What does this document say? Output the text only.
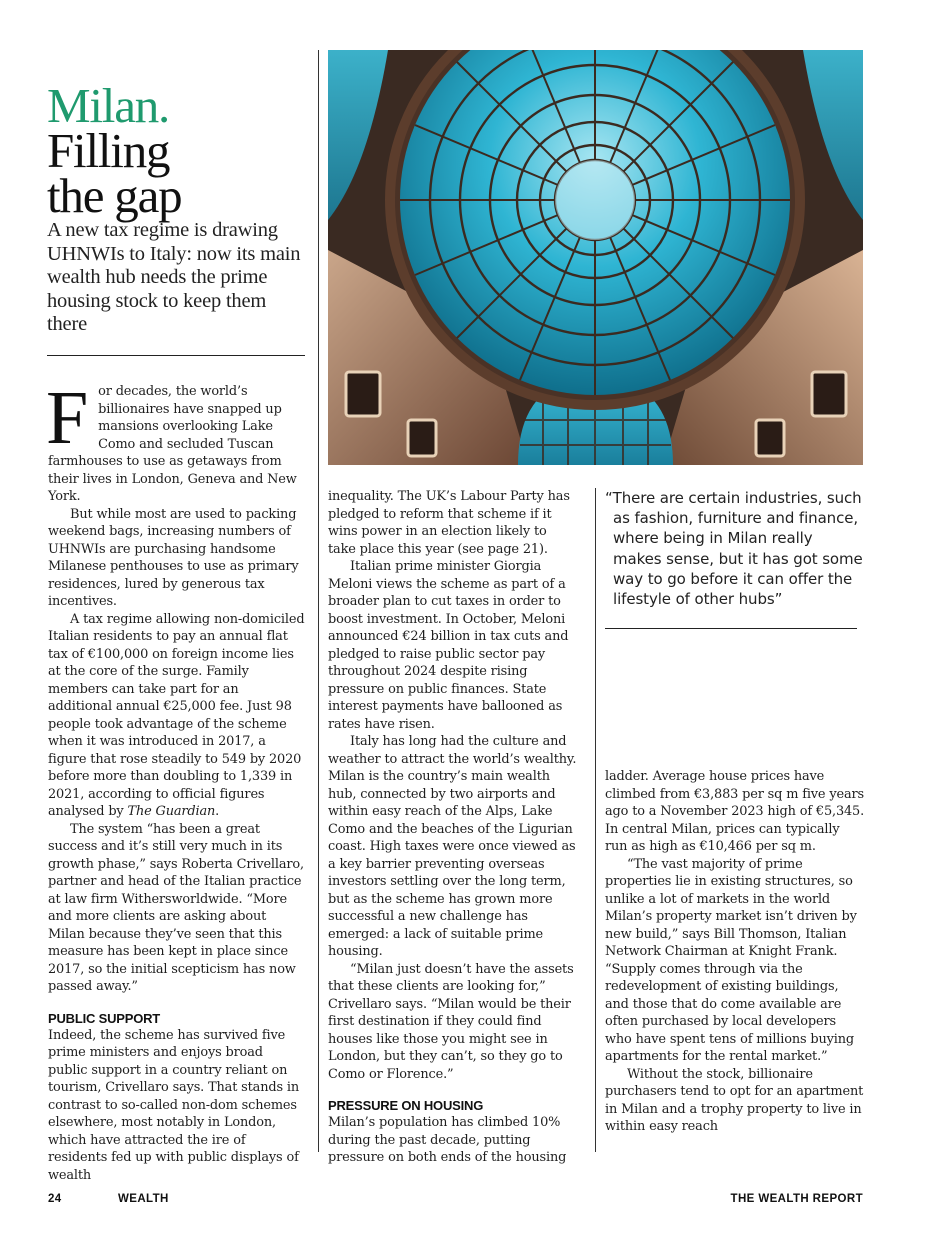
Milan.
Filling
the gap
A new tax regime is drawing UHNWIs to Italy: now its main wealth hub needs the prime housing stock to keep them there

For decades, the world’s billionaires have snapped up mansions overlooking Lake Como and secluded Tuscan farmhouses to use as getaways from their lives in London, Geneva and New York.

But while most are used to packing weekend bags, increasing numbers of UHNWIs are purchasing handsome Milanese penthouses to use as primary residences, lured by generous tax incentives.

A tax regime allowing non-domiciled Italian residents to pay an annual flat tax of €100,000 on foreign income lies at the core of the surge. Family members can take part for an additional annual €25,000 fee. Just 98 people took advantage of the scheme when it was introduced in 2017, a figure that rose steadily to 549 by 2020 before more than doubling to 1,339 in 2021, according to official figures analysed by The Guardian.

The system “has been a great success and it’s still very much in its growth phase,” says Roberta Crivellaro, partner and head of the Italian practice at law firm Withersworldwide. “More and more clients are asking about Milan because they’ve seen that this measure has been kept in place since 2017, so the initial scepticism has now passed away.”

PUBLIC SUPPORT

Indeed, the scheme has survived five prime ministers and enjoys broad public support in a country reliant on tourism, Crivellaro says. That stands in contrast to so-called non-dom schemes elsewhere, most notably in London, which have attracted the ire of residents fed up with public displays of wealth

inequality. The UK’s Labour Party has pledged to reform that scheme if it wins power in an election likely to take place this year (see page 21).

Italian prime minister Giorgia Meloni views the scheme as part of a broader plan to cut taxes in order to boost investment. In October, Meloni announced €24 billion in tax cuts and pledged to raise public sector pay throughout 2024 despite rising pressure on public finances. State interest payments have ballooned as rates have risen.

Italy has long had the culture and weather to attract the world’s wealthy. Milan is the country’s main wealth hub, connected by two airports and within easy reach of the Alps, Lake Como and the beaches of the Ligurian coast. High taxes were once viewed as a key barrier preventing overseas investors settling over the long term, but as the scheme has grown more successful a new challenge has emerged: a lack of suitable prime housing.

“Milan just doesn’t have the assets that these clients are looking for,” Crivellaro says. “Milan would be their first destination if they could find houses like those you might see in London, but they can’t, so they go to Como or Florence.”

PRESSURE ON HOUSING

Milan’s population has climbed 10% during the past decade, putting pressure on both ends of the housing

“There are certain industries, such as fashion, furniture and finance, where being in Milan really makes sense, but it has got some way to go before it can offer the lifestyle of other hubs”

ladder. Average house prices have climbed from €3,883 per sq m five years ago to a November 2023 high of €5,345. In central Milan, prices can typically run as high as €10,466 per sq m.

“The vast majority of prime properties lie in existing structures, so unlike a lot of markets in the world Milan’s property market isn’t driven by new build,” says Bill Thomson, Italian Network Chairman at Knight Frank. “Supply comes through via the redevelopment of existing buildings, and those that do come available are often purchased by local developers who have spent tens of millions buying apartments for the rental market.”

Without the stock, billionaire purchasers tend to opt for an apartment in Milan and a trophy property to live in within easy reach

24	WEALTH	THE WEALTH REPORT
